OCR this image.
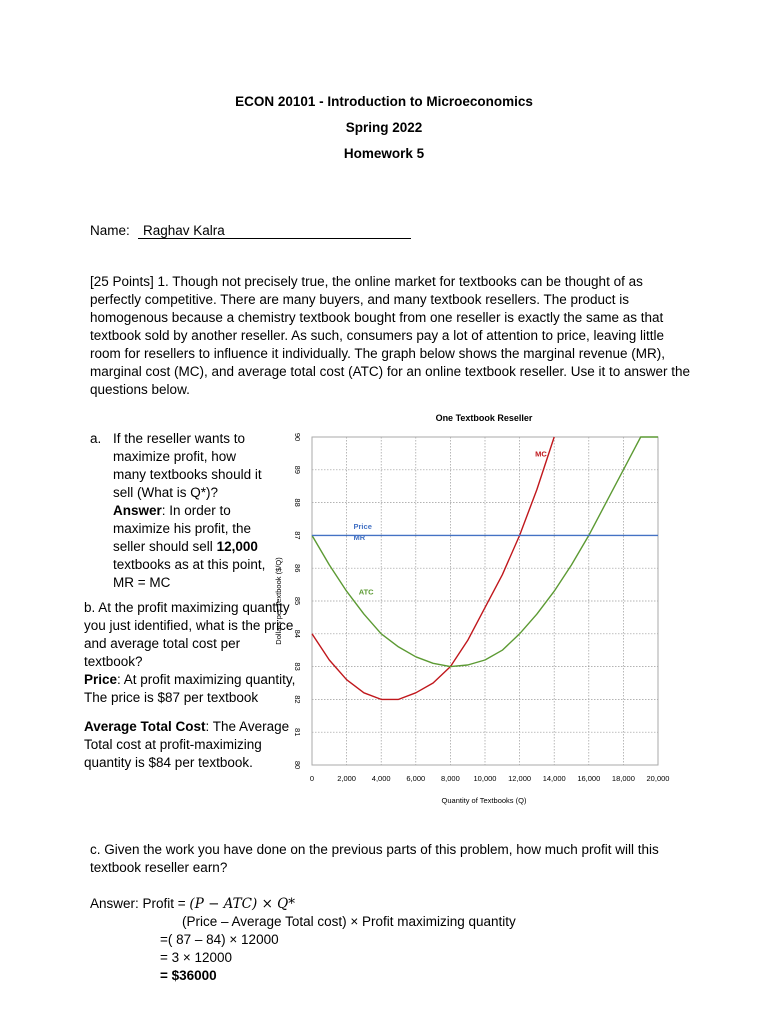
ECON 20101 - Introduction to Microeconomics
Spring 2022
Homework 5
Name: Raghav Kalra
[25 Points] 1. Though not precisely true, the online market for textbooks can be thought of as perfectly competitive. There are many buyers, and many textbook resellers. The product is homogenous because a chemistry textbook bought from one reseller is exactly the same as that textbook sold by another reseller. As such, consumers pay a lot of attention to price, leaving little room for resellers to influence it individually. The graph below shows the marginal revenue (MR), marginal cost (MC), and average total cost (ATC) for an online textbook reseller. Use it to answer the questions below.
a. If the reseller wants to maximize profit, how many textbooks should it sell (What is Q*)?
Answer: In order to maximize his profit, the seller should sell 12,000 textbooks as at this point, MR = MC
b. At the profit maximizing quantity you just identified, what is the price and average total cost per textbook?
Price: At profit maximizing quantity, The price is $87 per textbook
Average Total Cost: The Average Total cost at profit-maximizing quantity is $84 per textbook.
One Textbook Reseller
0	2,000 4,000 6,000 8,000 10,000 12,000 14,000 16,000 18,000 20,000
80
81
82
83
84
85
86
87
88
89
90
MC
ATC
Price
MR
Quantity of Textbooks (Q)
Dollars per Textbook ($/Q)
c. Given the work you have done on the previous parts of this problem, how much profit will this textbook reseller earn?
Answer: Profit = (P − ATC) × Q*
(Price – Average Total cost) × Profit maximizing quantity
=( 87 – 84) × 12000
= 3 × 12000
= $36000
